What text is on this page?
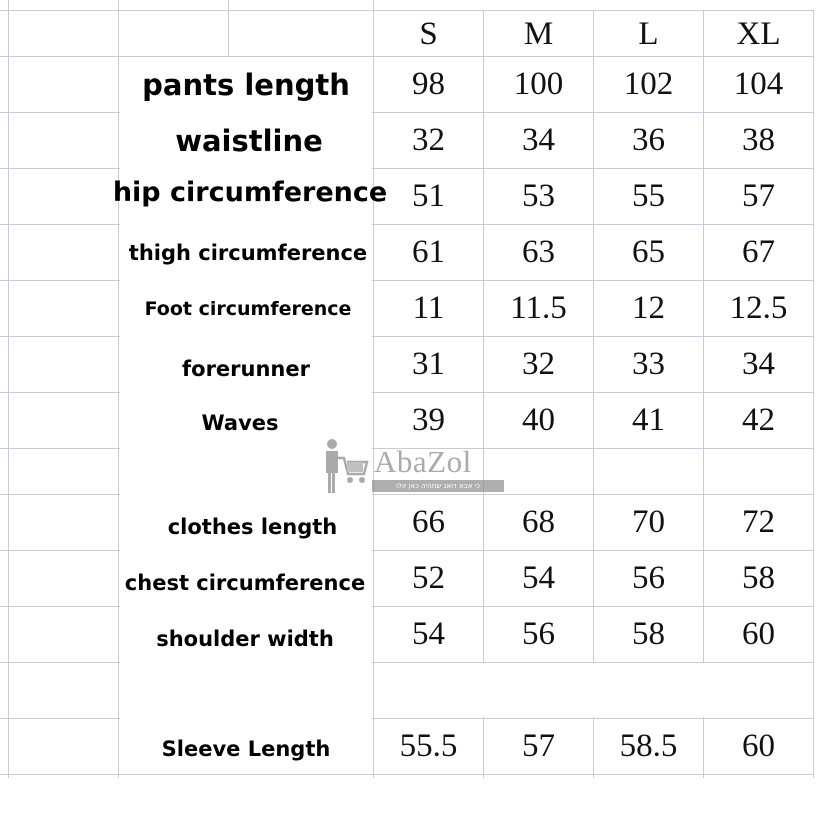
S	M	L	XL
pants length	98	100	102	104
waistline	32	34	36	38
hip circumference 51	53	55	57
thigh circumference	61	63	65	67
Foot circumference	11	11.5	12	12.5
forerunner	31	32	33	34
Waves	39	40	41	42
clothes length	66	68	70	72
chest circumference	52	54	56	58
shoulder width	54	56	58	60
Sleeve Length	55.5	57	58.5	60
AbaZol
כי אבא דואג שתהיה כאן זולו
